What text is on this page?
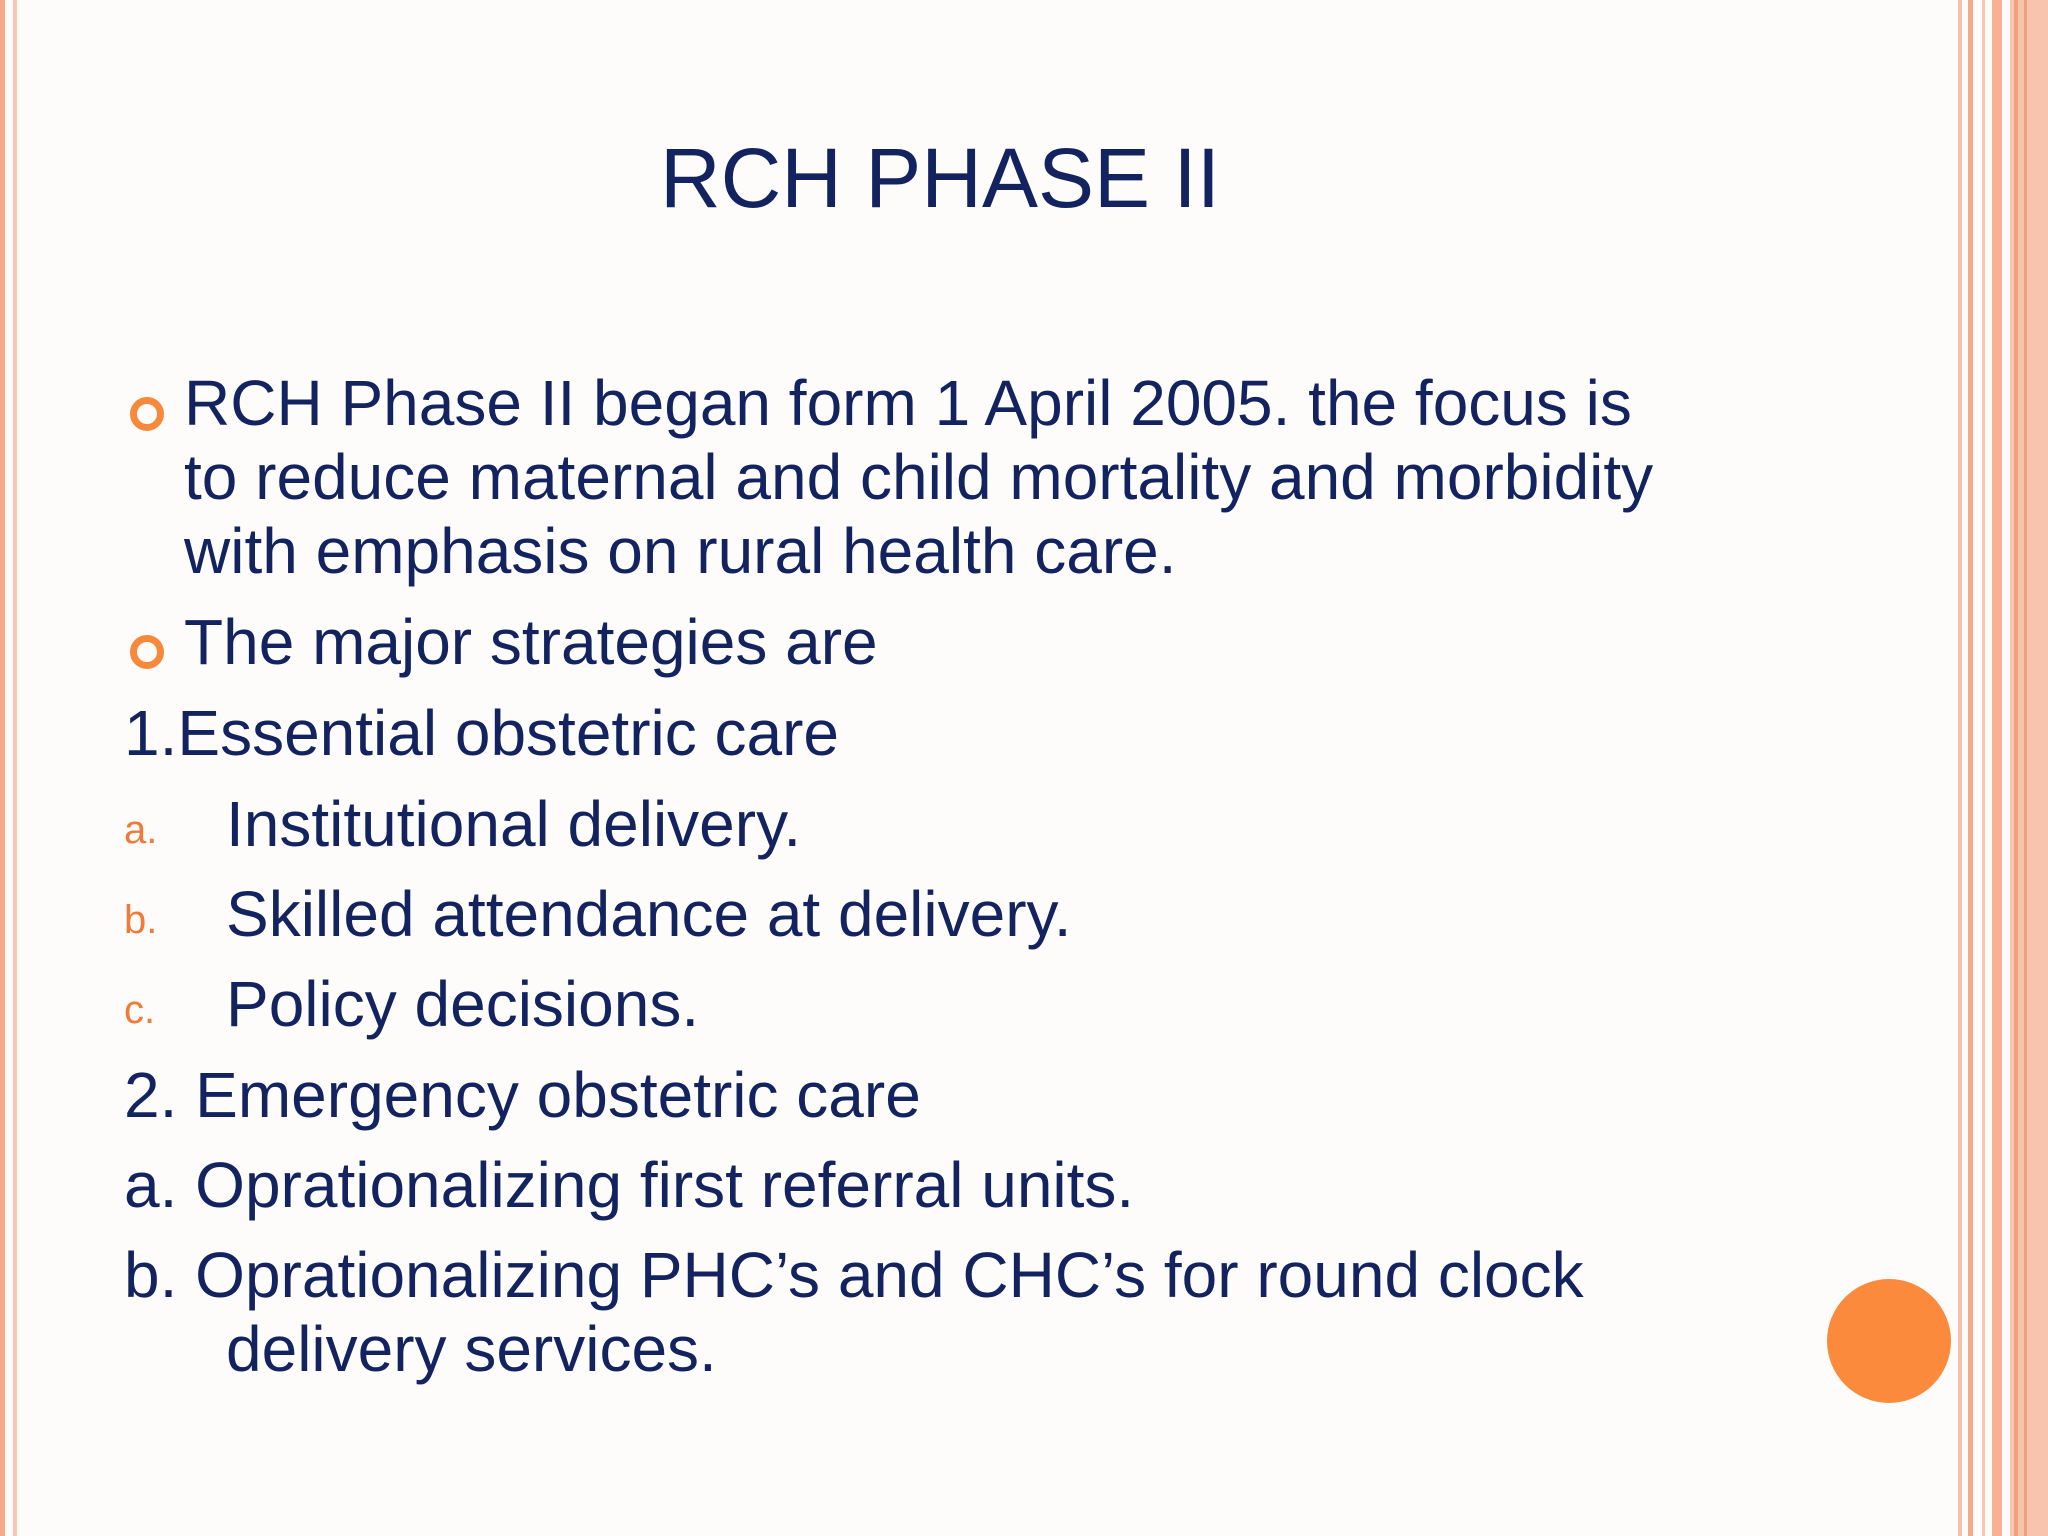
RCH PHASE II
RCH Phase II began form 1 April 2005. the focus is
to reduce maternal and child mortality and morbidity
with emphasis on rural health care.
The major strategies are
1.Essential obstetric care
a. Institutional delivery.
b. Skilled attendance at delivery.
c. Policy decisions.
2. Emergency obstetric care
a. Oprationalizing first referral units.
b. Oprationalizing PHC’s and CHC’s for round clock
delivery services.
